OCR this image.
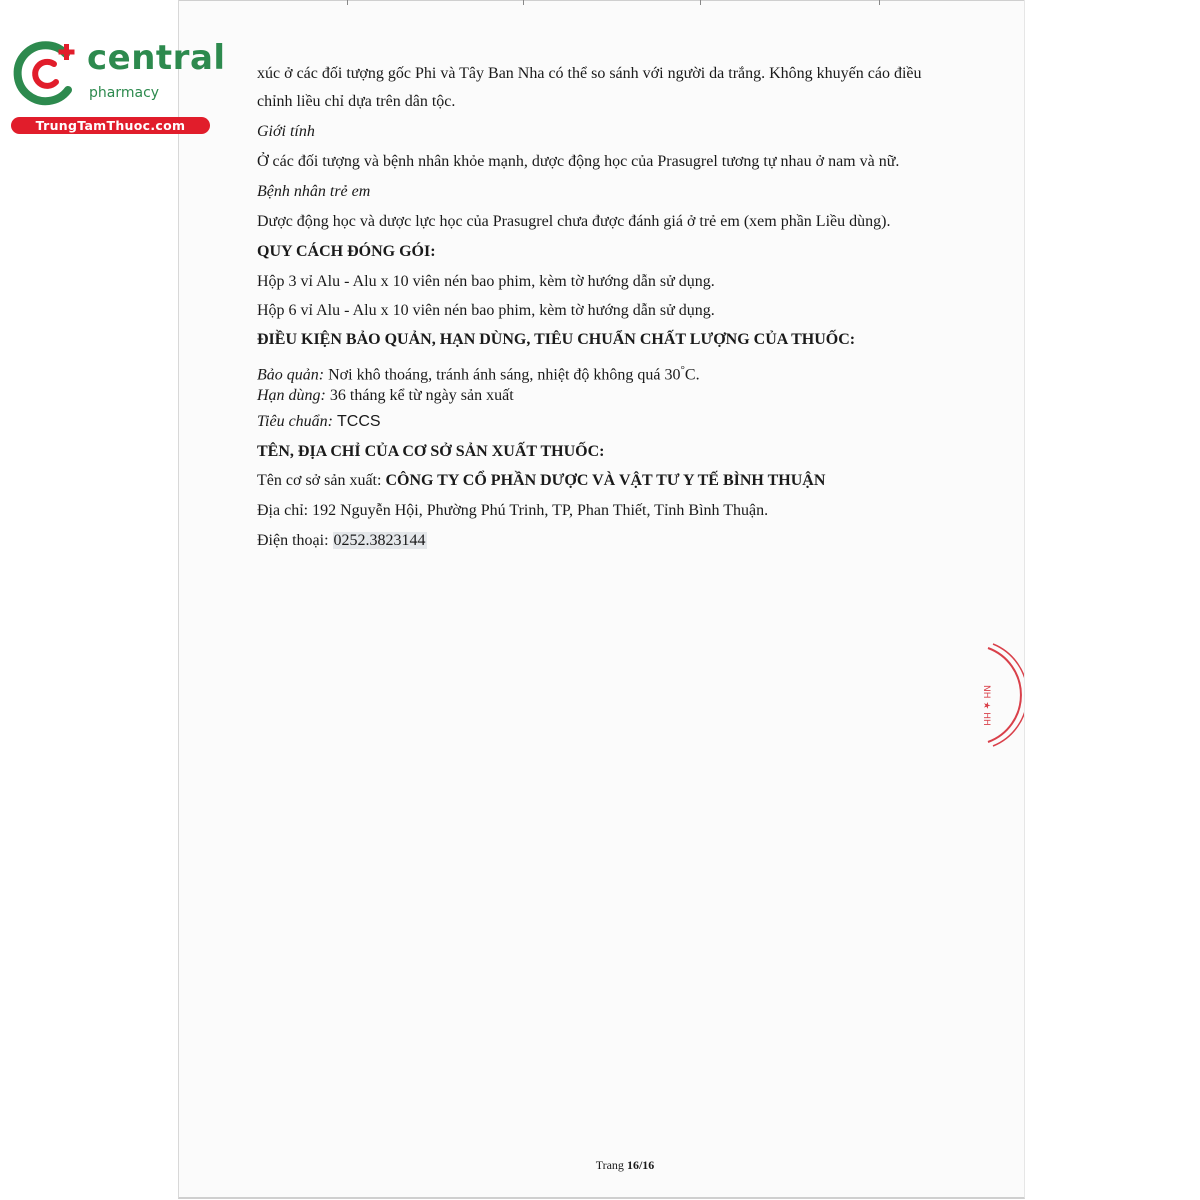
central
pharmacy
TrungTamThuoc.com
xúc ở các đối tượng gốc Phi và Tây Ban Nha có thể so sánh với người da trắng. Không khuyến cáo điều
chỉnh liều chỉ dựa trên dân tộc.
Giới tính
Ở các đối tượng và bệnh nhân khỏe mạnh, dược động học của Prasugrel tương tự nhau ở nam và nữ.
Bệnh nhân trẻ em
Dược động học và dược lực học của Prasugrel chưa được đánh giá ở trẻ em (xem phần Liều dùng).
QUY CÁCH ĐÓNG GÓI:
Hộp 3 vỉ Alu - Alu x 10 viên nén bao phim, kèm tờ hướng dẫn sử dụng.
Hộp 6 vỉ Alu - Alu x 10 viên nén bao phim, kèm tờ hướng dẫn sử dụng.
ĐIỀU KIỆN BẢO QUẢN, HẠN DÙNG, TIÊU CHUẨN CHẤT LƯỢNG CỦA THUỐC:
Bảo quản: Nơi khô thoáng, tránh ánh sáng, nhiệt độ không quá 30°C.
Hạn dùng: 36 tháng kể từ ngày sản xuất
Tiêu chuẩn: TCCS
TÊN, ĐỊA CHỈ CỦA CƠ SỞ SẢN XUẤT THUỐC:
Tên cơ sở sản xuất: CÔNG TY CỔ PHẦN DƯỢC VÀ VẬT TƯ Y TẾ BÌNH THUẬN
Địa chỉ: 192 Nguyễn Hội, Phường Phú Trinh, TP, Phan Thiết, Tỉnh Bình Thuận.
Điện thoại: 0252.3823144
NH ★ HH
Trang 16/16
